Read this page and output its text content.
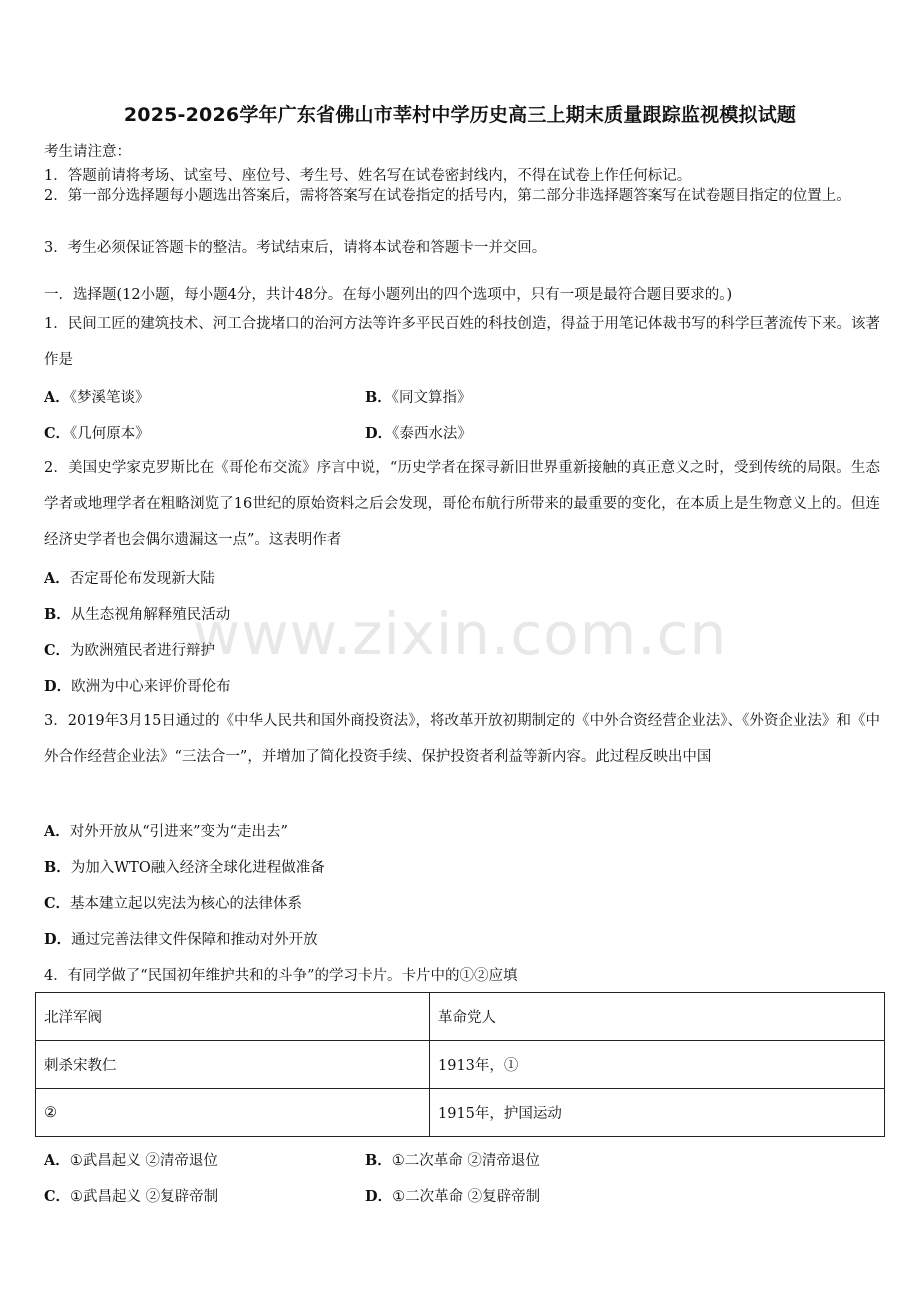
2025-2026学年广东省佛山市莘村中学历史高三上期末质量跟踪监视模拟试题
考生请注意：
1．答题前请将考场、试室号、座位号、考生号、姓名写在试卷密封线内，不得在试卷上作任何标记。
2．第一部分选择题每小题选出答案后，需将答案写在试卷指定的括号内，第二部分非选择题答案写在试卷题目指定的位置上。
3．考生必须保证答题卡的整洁。考试结束后，请将本试卷和答题卡一并交回。
一．选择题(12小题，每小题4分，共计48分。在每小题列出的四个选项中，只有一项是最符合题目要求的。)
1．民间工匠的建筑技术、河工合拢堵口的治河方法等许多平民百姓的科技创造，得益于用笔记体裁书写的科学巨著流传下来。该著作是
A．《梦溪笔谈》	B．《同文算指》
C．《几何原本》	D．《泰西水法》
2．美国史学家克罗斯比在《哥伦布交流》序言中说，“历史学者在探寻新旧世界重新接触的真正意义之时，受到传统的局限。生态学者或地理学者在粗略浏览了16世纪的原始资料之后会发现，哥伦布航行所带来的最重要的变化，在本质上是生物意义上的。但连经济史学者也会偶尔遗漏这一点”。这表明作者
A．否定哥伦布发现新大陆
B．从生态视角解释殖民活动
C．为欧洲殖民者进行辩护
D．欧洲为中心来评价哥伦布
3．2019年3月15日通过的《中华人民共和国外商投资法》，将改革开放初期制定的《中外合资经营企业法》、《外资企业法》和《中外合作经营企业法》“三法合一”，并增加了简化投资手续、保护投资者利益等新内容。此过程反映出中国
A．对外开放从“引进来”变为“走出去”
B．为加入WTO融入经济全球化进程做准备
C．基本建立起以宪法为核心的法律体系
D．通过完善法律文件保障和推动对外开放
4．有同学做了“民国初年维护共和的斗争”的学习卡片。卡片中的①②应填
北洋军阀	革命党人
刺杀宋教仁	1913年，①
②	1915年，护国运动
A．①武昌起义 ②清帝退位	B．①二次革命 ②清帝退位
C．①武昌起义 ②复辟帝制	D．①二次革命 ②复辟帝制
www.zixin.com.cn
